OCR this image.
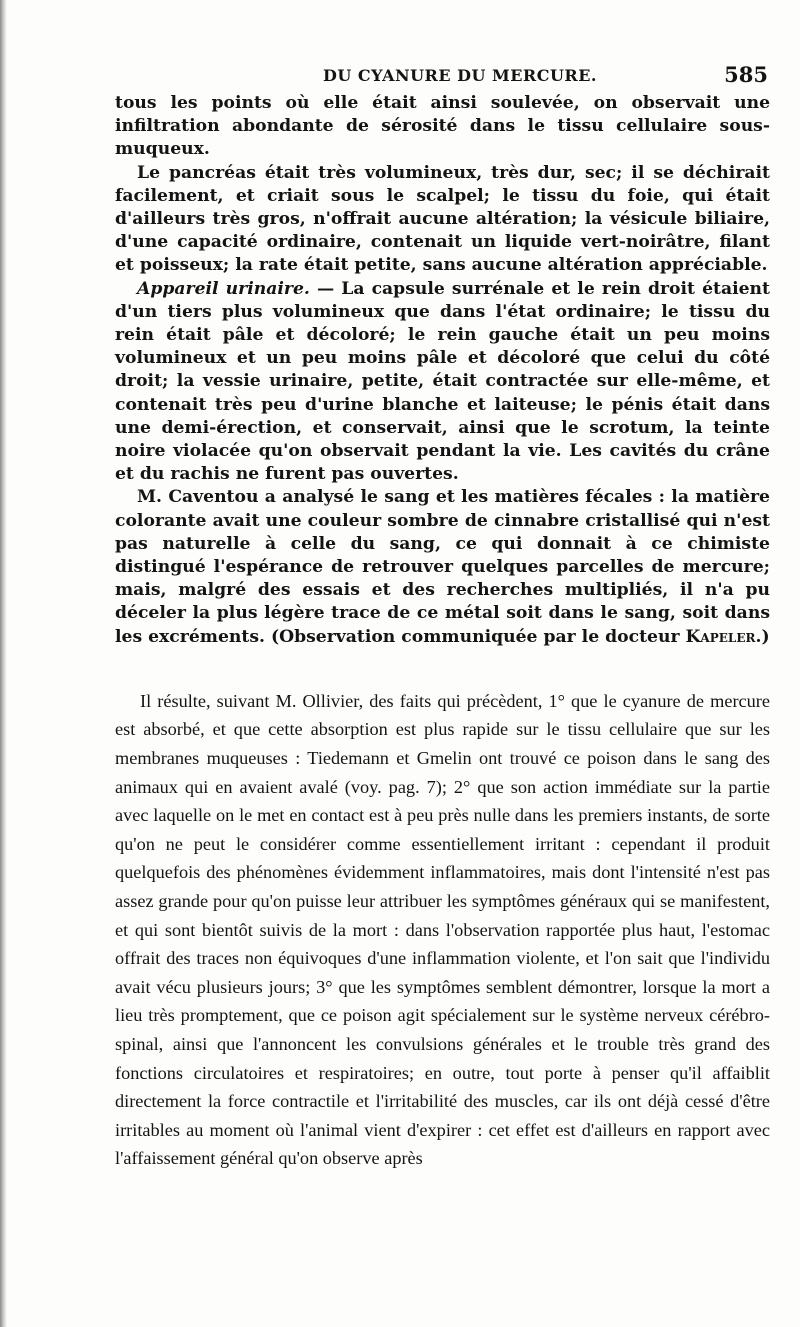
DU CYANURE DU MERCURE.	585

tous les points où elle était ainsi soulevée, on observait une infiltration abondante de sérosité dans le tissu cellulaire sous-muqueux.

Le pancréas était très volumineux, très dur, sec; il se déchirait facilement, et criait sous le scalpel; le tissu du foie, qui était d'ailleurs très gros, n'offrait aucune altération; la vésicule biliaire, d'une capacité ordinaire, contenait un liquide vert-noirâtre, filant et poisseux; la rate était petite, sans aucune altération appréciable.

Appareil urinaire. — La capsule surrénale et le rein droit étaient d'un tiers plus volumineux que dans l'état ordinaire; le tissu du rein était pâle et décoloré; le rein gauche était un peu moins volumineux et un peu moins pâle et décoloré que celui du côté droit; la vessie urinaire, petite, était contractée sur elle-même, et contenait très peu d'urine blanche et laiteuse; le pénis était dans une demi-érection, et conservait, ainsi que le scrotum, la teinte noire violacée qu'on observait pendant la vie. Les cavités du crâne et du rachis ne furent pas ouvertes.

M. Caventou a analysé le sang et les matières fécales : la matière colorante avait une couleur sombre de cinnabre cristallisé qui n'est pas naturelle à celle du sang, ce qui donnait à ce chimiste distingué l'espérance de retrouver quelques parcelles de mercure; mais, malgré des essais et des recherches multipliés, il n'a pu déceler la plus légère trace de ce métal soit dans le sang, soit dans les excréments. (Observation communiquée par le docteur Kapeler.)

Il résulte, suivant M. Ollivier, des faits qui précèdent, 1° que le cyanure de mercure est absorbé, et que cette absorption est plus rapide sur le tissu cellulaire que sur les membranes muqueuses : Tiedemann et Gmelin ont trouvé ce poison dans le sang des animaux qui en avaient avalé (voy. pag. 7); 2° que son action immédiate sur la partie avec laquelle on le met en contact est à peu près nulle dans les premiers instants, de sorte qu'on ne peut le considérer comme essentiellement irritant : cependant il produit quelquefois des phénomènes évidemment inflammatoires, mais dont l'intensité n'est pas assez grande pour qu'on puisse leur attribuer les symptômes généraux qui se manifestent, et qui sont bientôt suivis de la mort : dans l'observation rapportée plus haut, l'estomac offrait des traces non équivoques d'une inflammation violente, et l'on sait que l'individu avait vécu plusieurs jours; 3° que les symptômes semblent démontrer, lorsque la mort a lieu très promptement, que ce poison agit spécialement sur le système nerveux cérébro-spinal, ainsi que l'annoncent les convulsions générales et le trouble très grand des fonctions circulatoires et respiratoires; en outre, tout porte à penser qu'il affaiblit directement la force contractile et l'irritabilité des muscles, car ils ont déjà cessé d'être irritables au moment où l'animal vient d'expirer : cet effet est d'ailleurs en rapport avec l'affaissement général qu'on observe après
